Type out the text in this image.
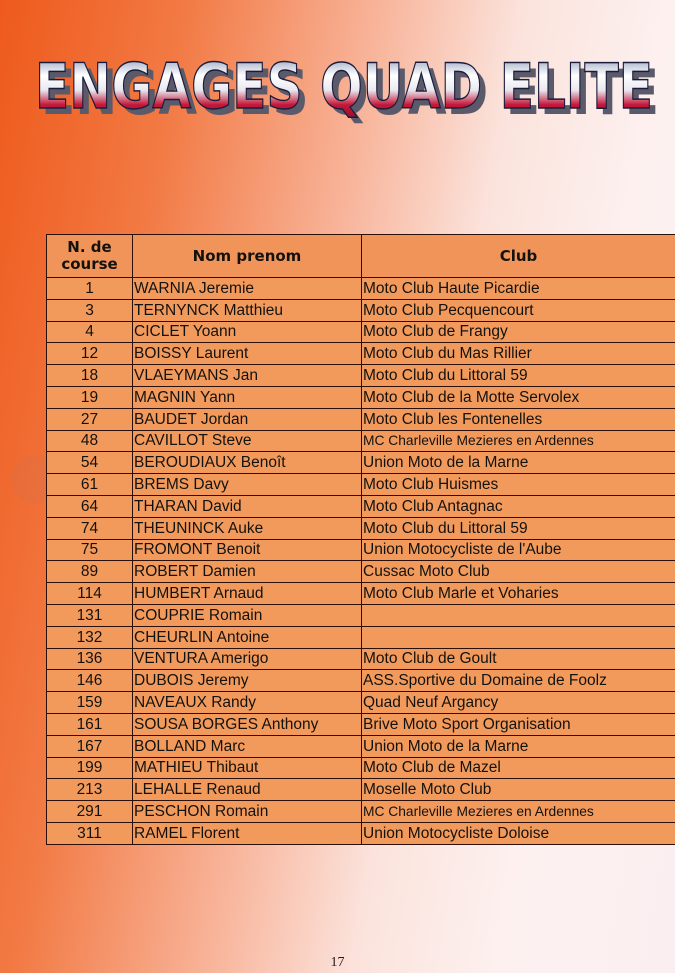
●
ENGAGES QUAD ELITE
ENGAGES QUAD ELITE
N. de course	Nom prenom	Club
1	WARNIA Jeremie	Moto Club Haute Picardie
3	TERNYNCK Matthieu	Moto Club Pecquencourt
4	CICLET Yoann	Moto Club de Frangy
12	BOISSY Laurent	Moto Club du Mas Rillier
18	VLAEYMANS Jan	Moto Club du Littoral 59
19	MAGNIN Yann	Moto Club de la Motte Servolex
27	BAUDET Jordan	Moto Club les Fontenelles
48	CAVILLOT Steve	MC Charleville Mezieres en Ardennes
54	BEROUDIAUX Benoît	Union Moto de la Marne
61	BREMS Davy	Moto Club Huismes
64	THARAN David	Moto Club Antagnac
74	THEUNINCK Auke	Moto Club du Littoral 59
75	FROMONT Benoit	Union Motocycliste de l'Aube
89	ROBERT Damien	Cussac Moto Club
114	HUMBERT Arnaud	Moto Club Marle et Voharies
131	COUPRIE Romain	
132	CHEURLIN Antoine	
136	VENTURA Amerigo	Moto Club de Goult
146	DUBOIS Jeremy	ASS.Sportive du Domaine de Foolz
159	NAVEAUX Randy	Quad Neuf Argancy
161	SOUSA BORGES Anthony	Brive Moto Sport Organisation
167	BOLLAND Marc	Union Moto de la Marne
199	MATHIEU Thibaut	Moto Club de Mazel
213	LEHALLE Renaud	Moselle Moto Club
291	PESCHON Romain	MC Charleville Mezieres en Ardennes
311	RAMEL Florent	Union Motocycliste Doloise
17
